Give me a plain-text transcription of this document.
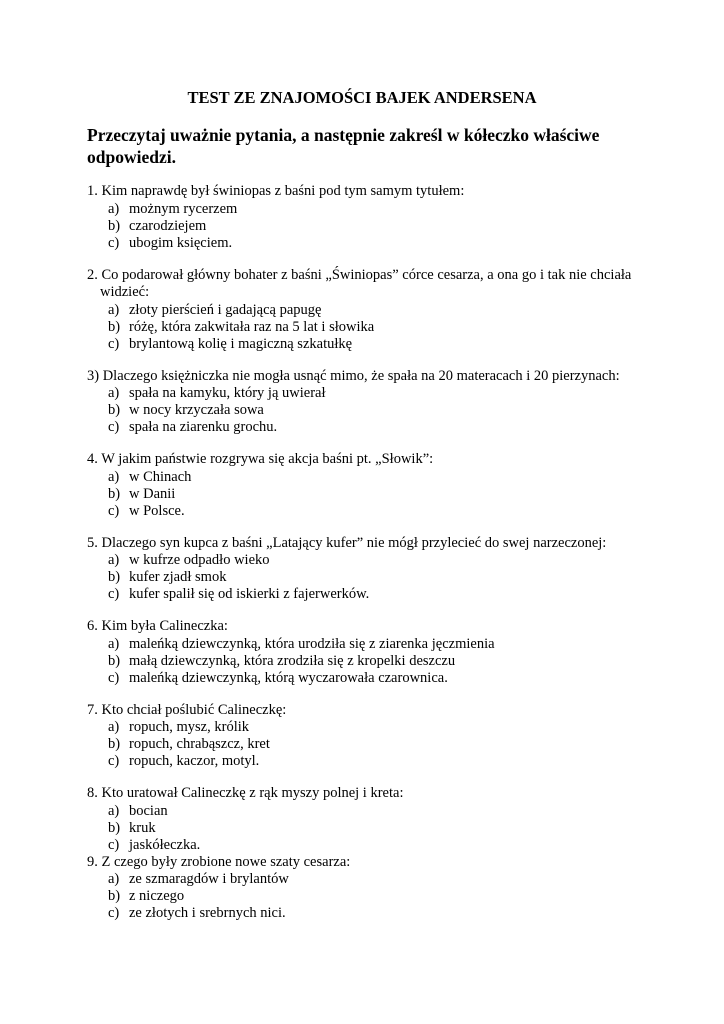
TEST ZE ZNAJOMOŚCI BAJEK ANDERSENA
Przeczytaj uważnie pytania, a następnie zakreśl w kółeczko właściwe odpowiedzi.
1. Kim naprawdę był świniopas z baśni pod tym samym tytułem:
a) możnym rycerzem
b) czarodziejem
c) ubogim księciem.
2. Co podarował główny bohater z baśni „Świniopas” córce cesarza, a ona go i tak nie chciała
widzieć:
a) złoty pierścień i gadającą papugę
b) różę, która zakwitała raz na 5 lat i słowika
c) brylantową kolię i magiczną szkatułkę
3) Dlaczego księżniczka nie mogła usnąć mimo, że spała na 20 materacach i 20 pierzynach:
a) spała na kamyku, który ją uwierał
b) w nocy krzyczała sowa
c) spała na ziarenku grochu.
4. W jakim państwie rozgrywa się akcja baśni pt. „Słowik”:
a) w Chinach
b) w Danii
c) w Polsce.
5. Dlaczego syn kupca z baśni „Latający kufer” nie mógł przylecieć do swej narzeczonej:
a) w kufrze odpadło wieko
b) kufer zjadł smok
c) kufer spalił się od iskierki z fajerwerków.
6. Kim była Calineczka:
a) maleńką dziewczynką, która urodziła się z ziarenka jęczmienia
b) małą dziewczynką, która zrodziła się z kropelki deszczu
c) maleńką dziewczynką, którą wyczarowała czarownica.
7. Kto chciał poślubić Calineczkę:
a) ropuch, mysz, królik
b) ropuch, chrabąszcz, kret
c) ropuch, kaczor, motyl.
8. Kto uratował Calineczkę z rąk myszy polnej i kreta:
a) bocian
b) kruk
c) jaskółeczka.
9. Z czego były zrobione nowe szaty cesarza:
a) ze szmaragdów i brylantów
b) z niczego
c) ze złotych i srebrnych nici.
